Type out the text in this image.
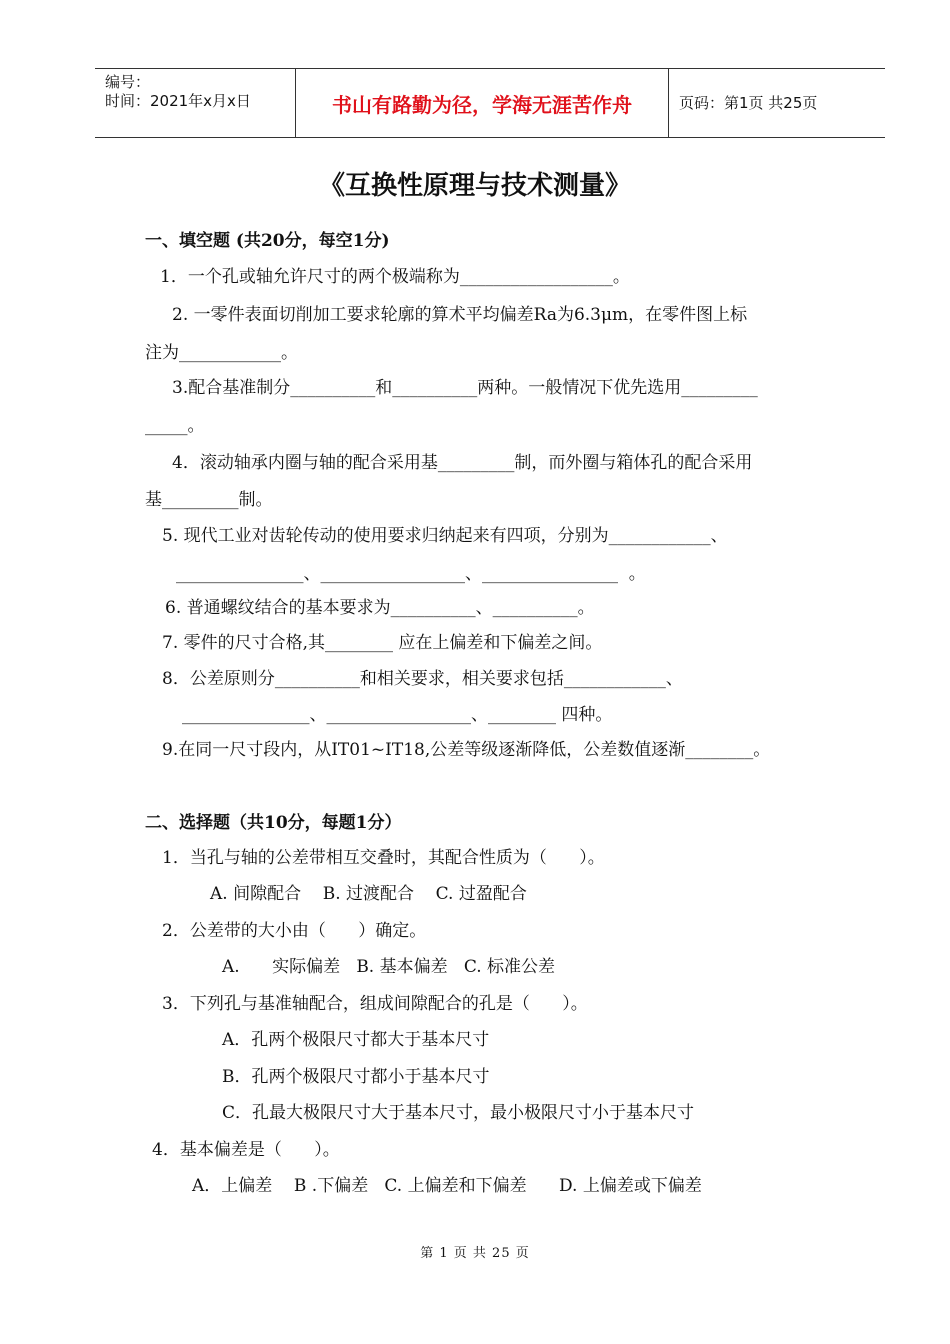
编号：
时间：2021年x月x日	书山有路勤为径，学海无涯苦作舟	页码：第1页 共25页
《互换性原理与技术测量》
一、填空题 (共20分，每空1分)
1．一个孔或轴允许尺寸的两个极端称为__________________。
2. 一零件表面切削加工要求轮廓的算术平均偏差Ra为6.3μm，在零件图上标
注为____________。
3.配合基准制分__________和__________两种。一般情况下优先选用_________
_____。
4．滚动轴承内圈与轴的配合采用基_________制，而外圈与箱体孔的配合采用
基_________制。
5. 现代工业对齿轮传动的使用要求归纳起来有四项，分别为____________、
_______________、_________________、________________  。
6. 普通螺纹结合的基本要求为__________、__________。
7. 零件的尺寸合格,其________ 应在上偏差和下偏差之间。
8．公差原则分__________和相关要求，相关要求包括____________、
_______________、_________________、________ 四种。
9.在同一尺寸段内，从IT01~IT18,公差等级逐渐降低，公差数值逐渐________。
二、选择题（共10分，每题1分）
1．当孔与轴的公差带相互交叠时，其配合性质为（      ）。
A. 间隙配合    B. 过渡配合    C. 过盈配合
2．公差带的大小由（      ）确定。
A.      实际偏差   B. 基本偏差   C. 标准公差
3．下列孔与基准轴配合，组成间隙配合的孔是（      ）。
A．孔两个极限尺寸都大于基本尺寸
B．孔两个极限尺寸都小于基本尺寸
C．孔最大极限尺寸大于基本尺寸，最小极限尺寸小于基本尺寸
4．基本偏差是（      ）。
A．上偏差    B .下偏差   C. 上偏差和下偏差      D. 上偏差或下偏差
第 1 页 共 25 页
